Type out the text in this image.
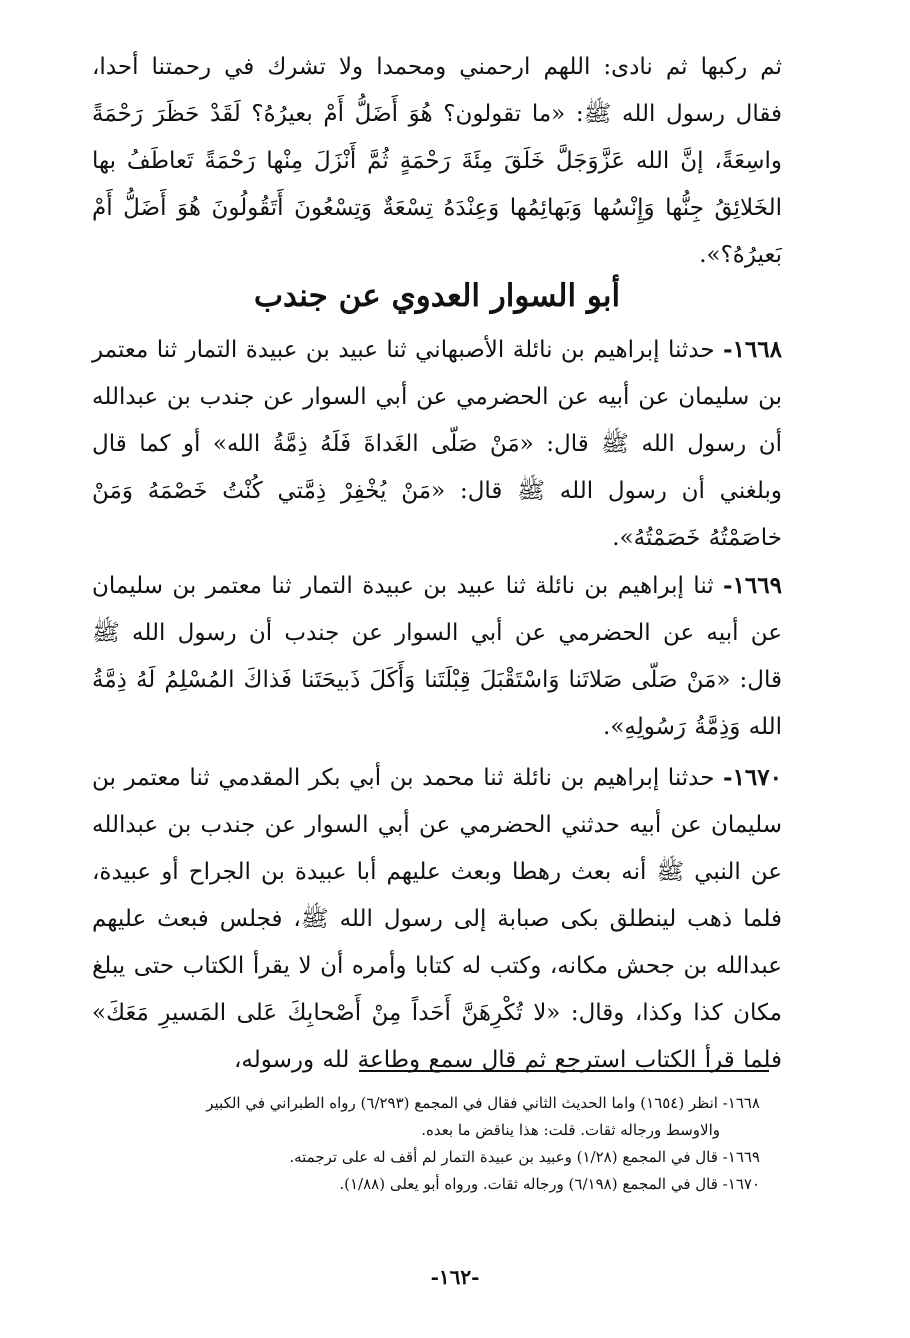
ثم ركبها ثم نادى: اللهم ارحمني ومحمدا ولا تشرك في رحمتنا أحدا، فقال رسول الله ﷺ: «ما تقولون؟ هُوَ أَضَلُّ أَمْ بعيرُهُ؟ لَقَدْ حَظَرَ رَحْمَةً واسِعَةً، إنَّ الله عَزَّوَجَلَّ خَلَقَ مِئَةَ رَحْمَةٍ ثُمَّ أَنْزَلَ مِنْها رَحْمَةً تَعاطَفُ بها الخَلائِقُ جِنُّها وَإِنْسُها وَبَهائِمُها وَعِنْدَهُ تِسْعَةٌ وَتِسْعُونَ أَتَقُولُونَ هُوَ أَضَلُّ أَمْ بَعيرُهُ؟».

أبو السوار العدوي عن جندب

١٦٦٨- حدثنا إبراهيم بن نائلة الأصبهاني ثنا عبيد بن عبيدة التمار ثنا معتمر بن سليمان عن أبيه عن الحضرمي عن أبي السوار عن جندب بن عبدالله أن رسول الله ﷺ قال: «مَنْ صَلّى الغَداةَ فَلَهُ ذِمَّةُ الله» أو كما قال وبلغني أن رسول الله ﷺ قال: «مَنْ يُخْفِرْ ذِمَّتي كُنْتُ خَصْمَهُ وَمَنْ خاصَمْتُهُ خَصَمْتُهُ».

١٦٦٩- ثنا إبراهيم بن نائلة ثنا عبيد بن عبيدة التمار ثنا معتمر بن سليمان عن أبيه عن الحضرمي عن أبي السوار عن جندب أن رسول الله ﷺ قال: «مَنْ صَلّى صَلاتَنا وَاسْتَقْبَلَ قِبْلَتَنا وَأَكَلَ ذَبيحَتَنا فَذاكَ المُسْلِمُ لَهُ ذِمَّةُ الله وَذِمَّةُ رَسُولِهِ».

١٦٧٠- حدثنا إبراهيم بن نائلة ثنا محمد بن أبي بكر المقدمي ثنا معتمر بن سليمان عن أبيه حدثني الحضرمي عن أبي السوار عن جندب بن عبدالله عن النبي ﷺ أنه بعث رهطا وبعث عليهم أبا عبيدة بن الجراح أو عبيدة، فلما ذهب لينطلق بكى صبابة إلى رسول الله ﷺ، فجلس فبعث عليهم عبدالله بن جحش مكانه، وكتب له كتابا وأمره أن لا يقرأ الكتاب حتى يبلغ مكان كذا وكذا، وقال: «لا تُكْرِهَنَّ أَحَداً مِنْ أَصْحابِكَ عَلى المَسيرِ مَعَكَ» فلما قرأ الكتاب استرجع ثم قال سمع وطاعة لله ورسوله،

١٦٦٨- انظر (١٦٥٤) واما الحديث الثاني فقال في المجمع (٦/٢٩٣) رواه الطبراني في الكبير

والاوسط ورجاله ثقات. قلت: هذا يناقض ما بعده.

١٦٦٩- قال في المجمع (١/٢٨) وعبيد بن عبيدة التمار لم أقف له على ترجمته.

١٦٧٠- قال في المجمع (٦/١٩٨) ورجاله ثقات. ورواه أبو يعلى (١/٨٨).

-١٦٢-
